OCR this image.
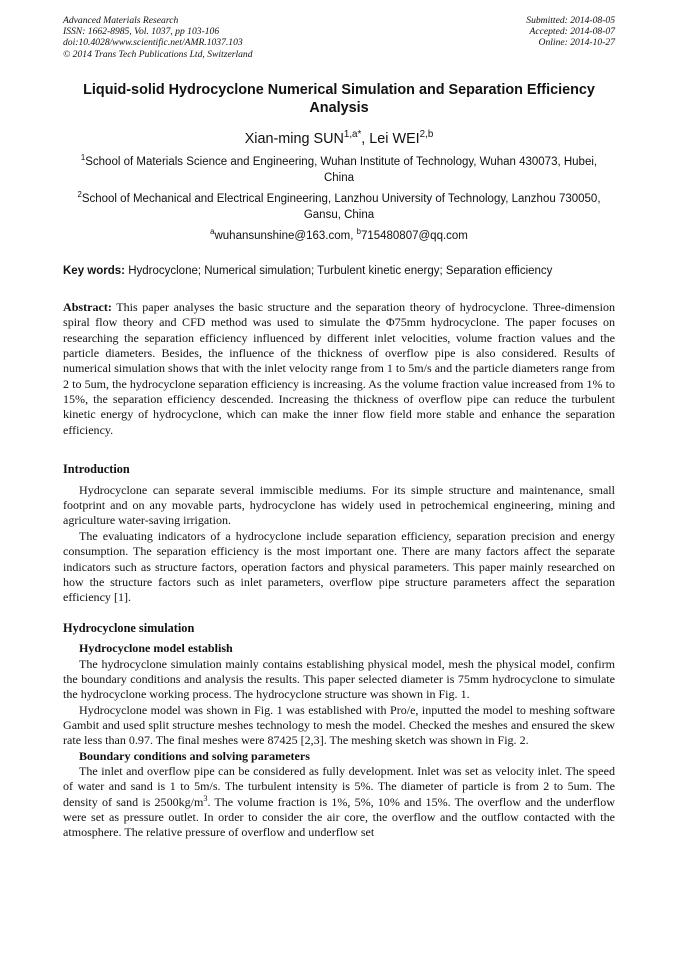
Advanced Materials Research
ISSN: 1662-8985, Vol. 1037, pp 103-106
doi:10.4028/www.scientific.net/AMR.1037.103
© 2014 Trans Tech Publications Ltd, Switzerland
Submitted: 2014-08-05
Accepted: 2014-08-07
Online: 2014-10-27
Liquid-solid Hydrocyclone Numerical Simulation and Separation Efficiency Analysis
Xian-ming $SUN^{1,a*}$, Lei WEI$^{2,b}$
$^1$School of Materials Science and Engineering, Wuhan Institute of Technology, Wuhan 430073, Hubei, China
$^2$School of Mechanical and Electrical Engineering, Lanzhou University of Technology, Lanzhou 730050, Gansu, China
$^a$wuhansunshine@163.com, $^b$715480807@qq.com
Key words: Hydrocyclone; Numerical simulation; Turbulent kinetic energy; Separation efficiency

Abstract: This paper analyses the basic structure and the separation theory of hydrocyclone. Three-dimension spiral flow theory and CFD method was used to simulate the Φ75mm hydrocyclone. The paper focuses on researching the separation efficiency influenced by different inlet velocities, volume fraction values and the particle diameters. Besides, the influence of the thickness of overflow pipe is also considered. Results of numerical simulation shows that with the inlet velocity range from 1 to 5m/s and the particle diameters range from 2 to 5um, the hydrocyclone separation efficiency is increasing. As the volume fraction value increased from 1% to 15%, the separation efficiency descended. Increasing the thickness of overflow pipe can reduce the turbulent kinetic energy of hydrocyclone, which can make the inner flow field more stable and enhance the separation efficiency.

Introduction

Hydrocyclone can separate several immiscible mediums. For its simple structure and maintenance, small footprint and on any movable parts, hydrocyclone has widely used in petrochemical engineering, mining and agriculture water-saving irrigation.

The evaluating indicators of a hydrocyclone include separation efficiency, separation precision and energy consumption. The separation efficiency is the most important one. There are many factors affect the separate indicators such as structure factors, operation factors and physical parameters. This paper mainly researched on how the structure factors such as inlet parameters, overflow pipe structure parameters affect the separation efficiency [1].

Hydrocyclone simulation
Hydrocyclone model establish

The hydrocyclone simulation mainly contains establishing physical model, mesh the physical model, confirm the boundary conditions and analysis the results. This paper selected diameter is 75mm hydrocyclone to simulate the hydrocyclone working process. The hydrocyclone structure was shown in Fig. 1.

Hydrocyclone model was shown in Fig. 1 was established with Pro/e, inputted the model to meshing software Gambit and used split structure meshes technology to mesh the model. Checked the meshes and ensured the skew rate less than 0.97. The final meshes were 87425 [2,3]. The meshing sketch was shown in Fig. 2.

Boundary conditions and solving parameters

The inlet and overflow pipe can be considered as fully development. Inlet was set as velocity inlet. The speed of water and sand is 1 to 5m/s. The turbulent intensity is 5%. The diameter of particle is from 2 to 5um. The density of sand is $2500kg/m^3$. The volume fraction is 1%, 5%, 10% and 15%. The overflow and the underflow were set as pressure outlet. In order to consider the air core, the overflow and the outflow contacted with the atmosphere. The relative pressure of overflow and underflow set
